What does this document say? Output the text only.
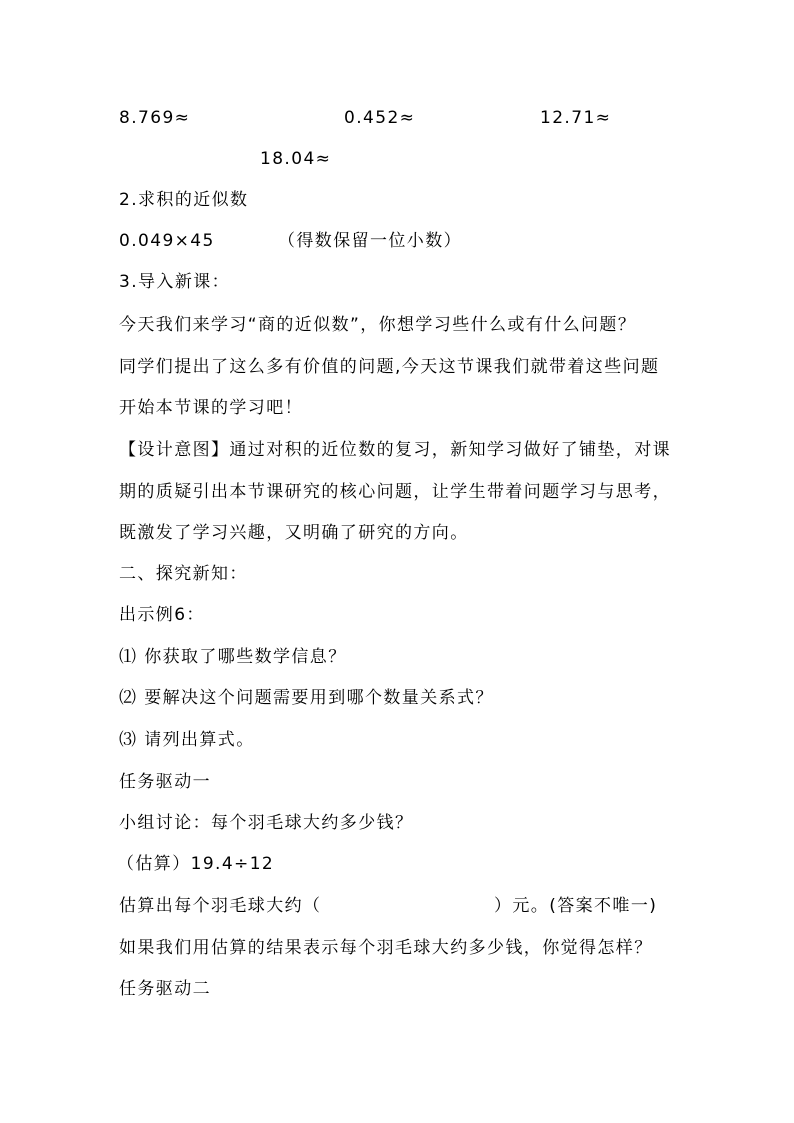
8.769≈	0.452≈	12.71≈
18.04≈
2.求积的近似数
0.049×45	（得数保留一位小数）
3.导入新课：
今天我们来学习“商的近似数”，你想学习些什么或有什么问题？
同学们提出了这么多有价值的问题,今天这节课我们就带着这些问题
开始本节课的学习吧！
【设计意图】通过对积的近位数的复习，新知学习做好了铺垫，对课
期的质疑引出本节课研究的核心问题，让学生带着问题学习与思考，
既激发了学习兴趣，又明确了研究的方向。
二、探究新知：
出示例6：
⑴ 你获取了哪些数学信息？
⑵ 要解决这个问题需要用到哪个数量关系式？
⑶ 请列出算式。
任务驱动一
小组讨论：每个羽毛球大约多少钱？
（估算）19.4÷12
估算出每个羽毛球大约（	）元。(答案不唯一)
如果我们用估算的结果表示每个羽毛球大约多少钱，你觉得怎样？
任务驱动二
